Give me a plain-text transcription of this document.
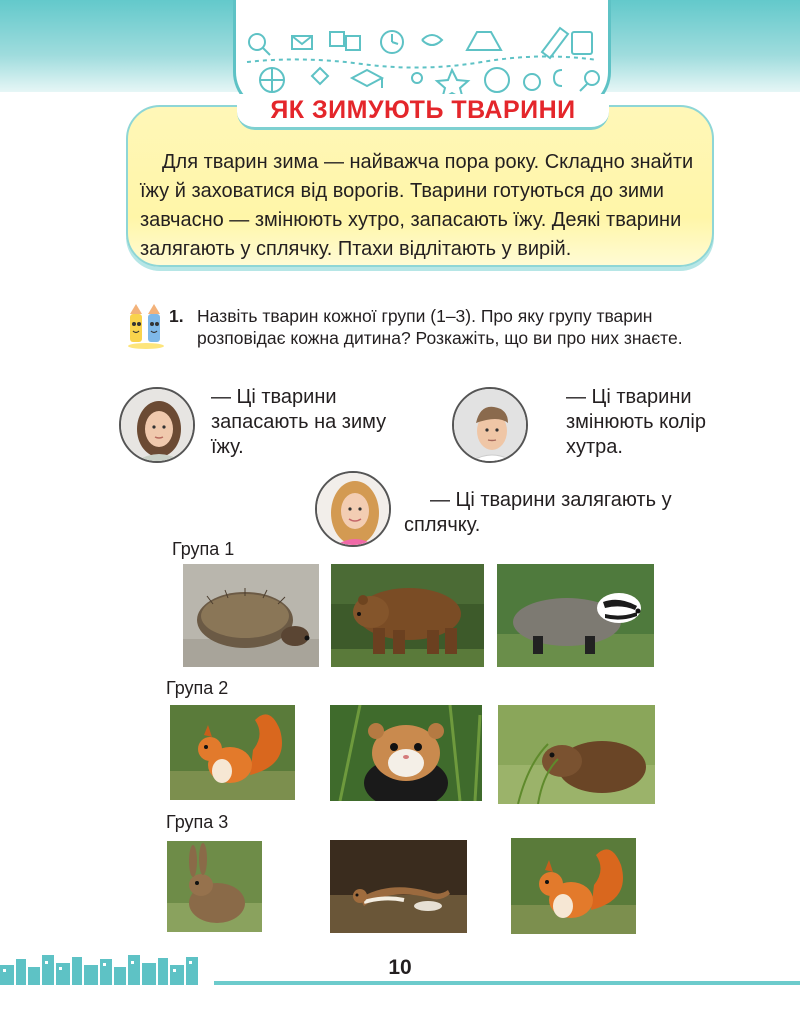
ЯК ЗИМУЮТЬ ТВАРИНИ
Для тварин зима — найважча пора року. Складно знайти їжу й заховатися від ворогів. Тварини готуються до зими завчасно — змінюють хутро, запасають їжу. Деякі тварини залягають у сплячку. Птахи відлітають у вирій.
1. Назвіть тварин кожної групи (1–3). Про яку групу тварин розповідає кожна дитина? Розкажіть, що ви про них знаєте.
— Ці тварини запасають на зиму їжу.
— Ці тварини змінюють колір хутра.
— Ці тварини залягають у сплячку.
Група 1
Група 2
Група 3
10
